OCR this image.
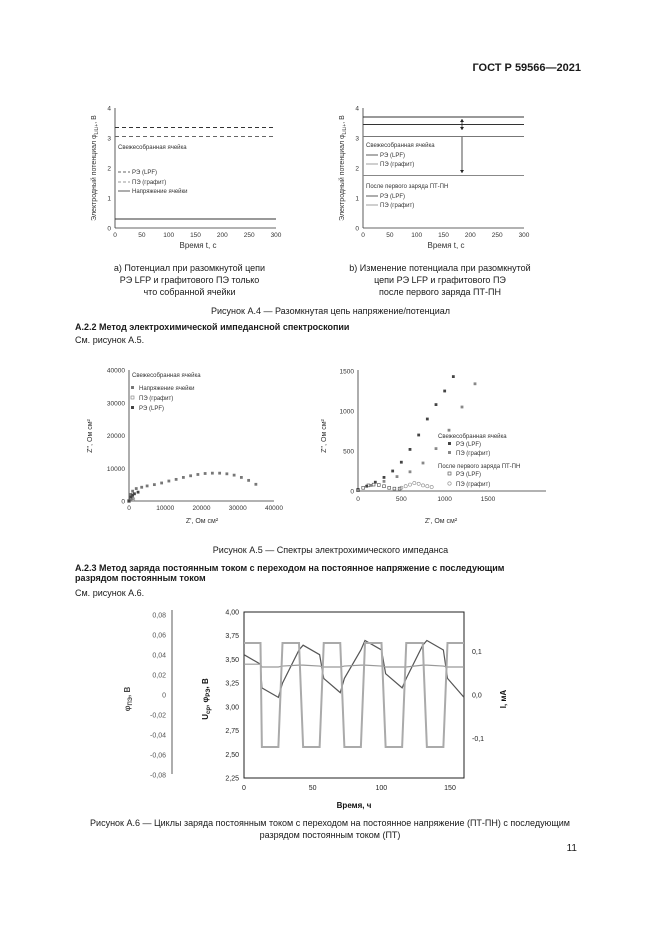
ГОСТ Р 59566—2021
0
1
2
3
4
0	50	100 150 200 250 300
Электродный потенциал $\varphi_{LiLi+}$, В
Время t, с
Свежесобранная ячейка
РЭ (LPF)
ПЭ (графит)
Напряжение ячейки
0
1
2
3
4
0	50	100 150 200 250 300
Электродный потенциал $\varphi_{LiLi+}$, В
Время t, с
Свежесобранная ячейка
РЭ (LPF)
ПЭ (графит)
После первого заряда ПТ-ПН
РЭ (LPF)
ПЭ (графит)
а) Потенциал при разомкнутой цепи
РЭ LFP и графитового ПЭ только
что собранной ячейки
b) Изменение потенциала при разомкнутой
цепи РЭ LFP и графитового ПЭ
после первого заряда ПТ-ПН
Рисунок А.4 — Разомкнутая цепь напряжение/потенциал
А.2.2 Метод электрохимической импедансной спектроскопии
См. рисунок А.5.
0
10000
20000
30000
40000
0	10000	20000	30000	40000
Z'', Ом см²
Z', Ом см²
Свежесобранная ячейка
Напряжение ячейки
ПЭ (графит)
РЭ (LPF)
0
500
1000
1500
0	500	1000	1500
Z'', Ом см²
Z', Ом см²
Свежесобранная ячейка
РЭ (LPF)
ПЭ (графит)
После первого заряда ПТ-ПН
РЭ (LPF)
ПЭ (графит)
Рисунок А.5 — Спектры электрохимического импеданса
А.2.3 Метод заряда постоянным током с переходом на постоянное напряжение с последующим
разрядом постоянным током
См. рисунок А.6.
0,08
0,06
0,04
0,02
0
-0,02
-0,04
-0,06
-0,08
$\varphi_{ПЭ}$, В
4,00
3,75
3,50
3,25
3,00
2,75
2,50
2,25
0,1
0,0
-0,1
0	50	100	150
$U_{ср}$, $\varphi_{РЭ}$, В
I, мА
Время, ч
Рисунок А.6 — Циклы заряда постоянным током с переходом на постоянное напряжение (ПТ-ПН) с последующим
разрядом постоянным током (ПТ)
11
